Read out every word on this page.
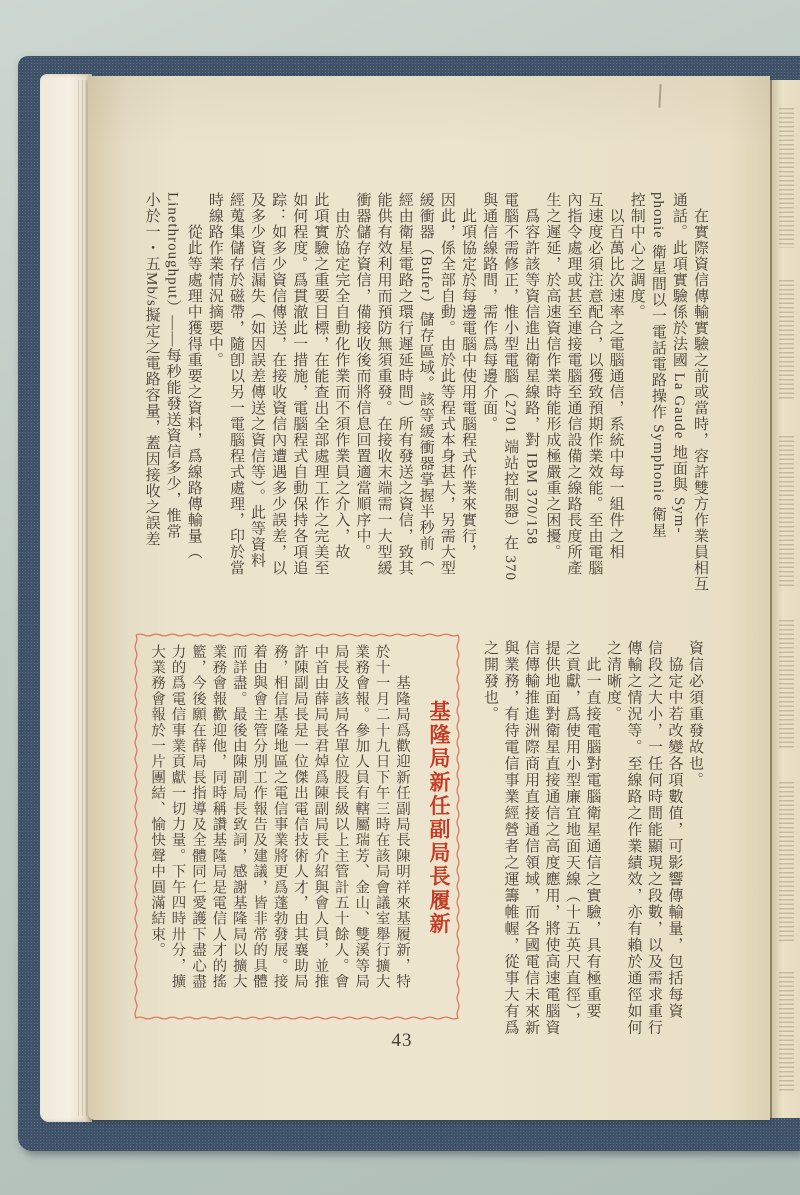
　在實際資信傳輸實驗之前或當時，容許雙方作業員相互
通話。此項實驗係於法國 La Gaude 地面與 Sym-
phonie 衛星間以一電話電路操作 Symphonie 衛星
控制中心之調度。
　以百萬比次速率之電腦通信，系統中每一組件之相
互速度必須注意配合，以獲致預期作業效能。至由電腦
內指令處理或甚至連接電腦至通信設備之線路長度所產
生之遲延，於高速資信作業時能形成極嚴重之困擾。
　爲容許該等資信進出衛星線路，對 IBM 370/158
電腦不需修正，惟小型電腦（2701 端站控制器）在 370
與通信線路間，需作爲每邊介面。
　此項協定於每邊電腦中使用電腦程式作業來實行，
因此，係全部自動。由於此等程式本身甚大，另需大型
緩衝器（Bufer）儲存區域。該等緩衝器掌握半秒前（
經由衛星電路之環行遲延時間）所有發送之資信，致其
能供有效利用而預防無須重發。在接收末端需一大型緩
衝器儲存資信，備接收後而將信息回置適當順序中。
　由於協定完全自動化作業而不須作業員之介入，故
此項實驗之重要目標，在能查出全部處理工作之完美至
如何程度。爲貫澈此一措施，電腦程式自動保持各項追
踪：如多少資信傳送，在接收資信內遭遇多少誤差，以
及多少資信漏失（如因誤差傳送之資信等）。此等資料
經蒐集儲存於磁帶，隨卽以另一電腦程式處理，印於當
時線路作業情況摘要中。
　　從此等處理中獲得重要之資料，爲線路傳輸量（
Linethroughput）——每秒能發送資信多少，惟常
小於一・五Mb/s擬定之電路容量，蓋因接收之誤差
資信必須重發故也。
　協定中若改變各項數值，可影響傳輸量，包括每資
信段之大小，一任何時間能顯現之段數，以及需求重行
傳輸之情況等。至線路之作業績效，亦有賴於通徑如何
之清晰度。
　此一直接電腦對電腦衛星通信之實驗，具有極重要
之貢獻，爲使用小型廉宜地面天線（十五英尺直徑），
提供地面對衛星直接通信之高度應用，將使高速電腦資
信傳輸推進洲際商用直接通信領域，而各國電信未來新
與業務，有待電信事業經營者之運籌帷幄，從事大有爲
之開發也。
基隆局新任副局長履新
　　基隆局爲歡迎新任副局長陳明祥來基履新，特
於十一月二十九日下午三時在該局會議室舉行擴大
業務會報。參加人員有轄屬瑞芳、金山、雙溪等局
局長及該局各單位股長級以上主管計五十餘人。會
中首由薛局長君焯爲陳副局長介紹與會人員，並推
許陳副局長是一位傑出電信技術人才，由其襄助局
務，相信基隆地區之電信事業將更爲蓬勃發展。接
着由與會主管分別工作報告及建議，皆非常的具體
而詳盡。最後由陳副局長致詞，感謝基隆局以擴大
業務會報歡迎他，同時稱讚基隆局是電信人才的搖
籃，今後願在薛局長指導及全體同仁愛護下盡心盡
力的爲電信事業貢獻一切力量。下午四時卅分，擴
大業務會報於一片團結、愉快聲中圓滿結束。
43
